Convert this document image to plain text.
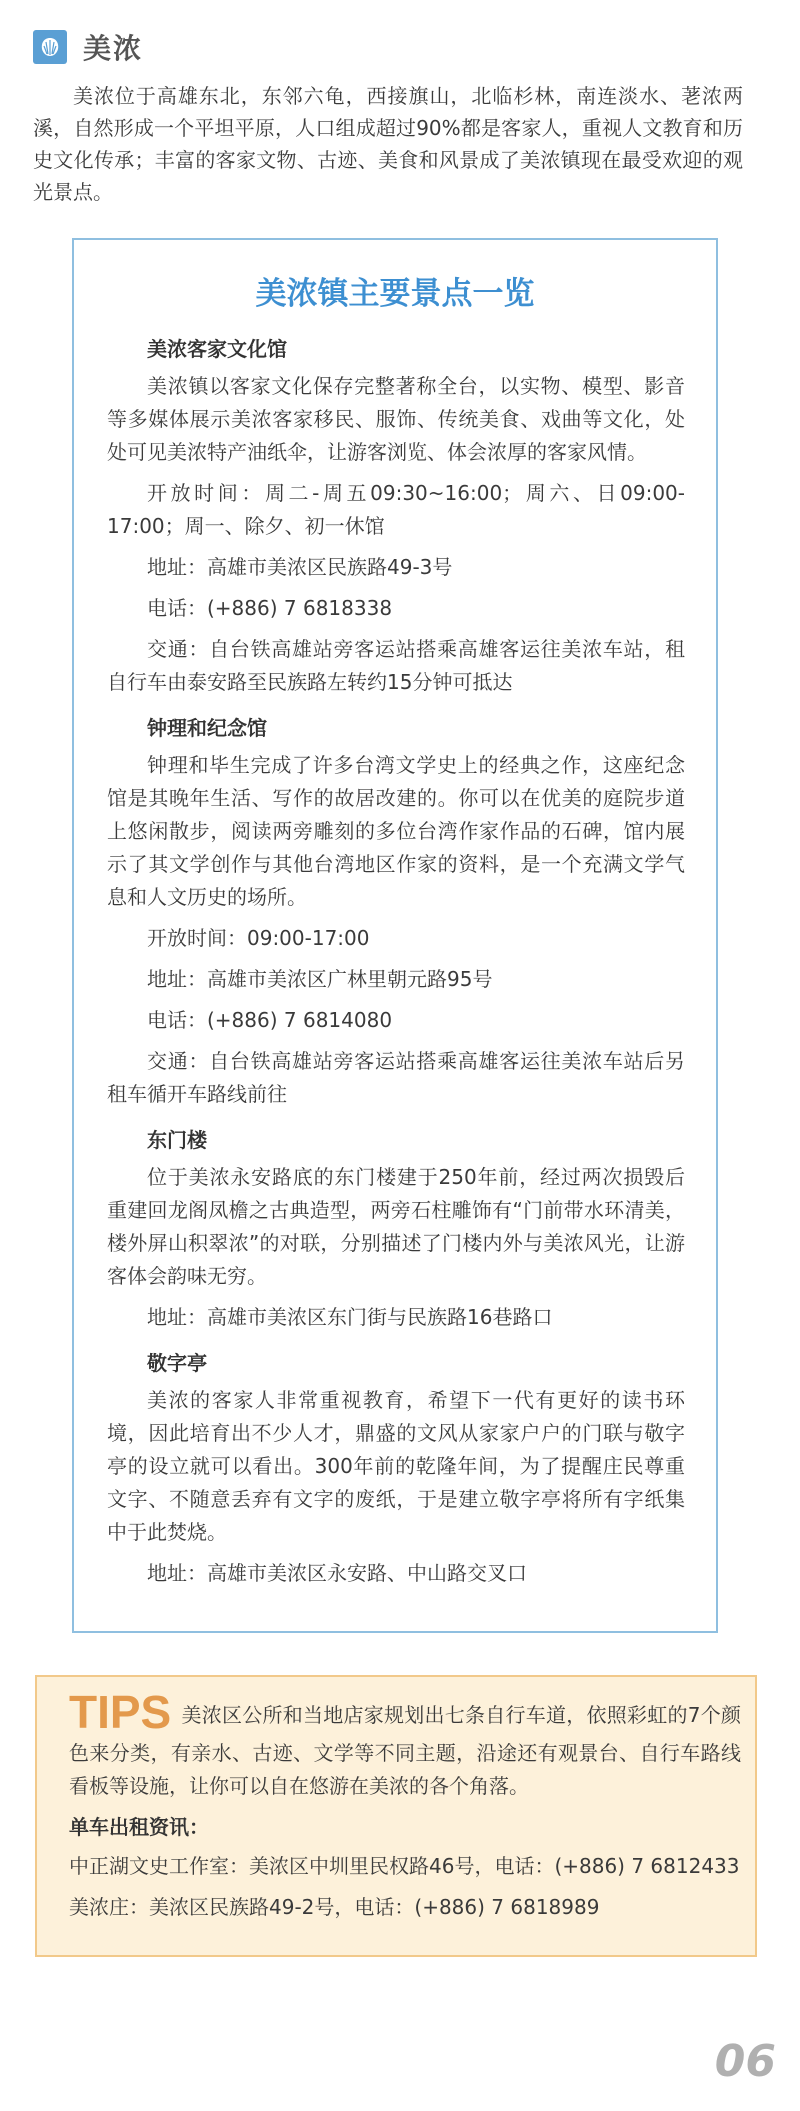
美浓

美浓位于高雄东北，东邻六龟，西接旗山，北临杉林，南连淡水、荖浓两溪，自然形成一个平坦平原，人口组成超过90%都是客家人，重视人文教育和历史文化传承；丰富的客家文物、古迹、美食和风景成了美浓镇现在最受欢迎的观光景点。

美浓镇主要景点一览
美浓客家文化馆

美浓镇以客家文化保存完整著称全台，以实物、模型、影音等多媒体展示美浓客家移民、服饰、传统美食、戏曲等文化，处处可见美浓特产油纸伞，让游客浏览、体会浓厚的客家风情。

开放时间：周二-周五09:30~16:00；周六、日09:00-17:00；周一、除夕、初一休馆

地址：高雄市美浓区民族路49-3号

电话：(+886) 7 6818338

交通：自台铁高雄站旁客运站搭乘高雄客运往美浓车站，租自行车由泰安路至民族路左转约15分钟可抵达

钟理和纪念馆

钟理和毕生完成了许多台湾文学史上的经典之作，这座纪念馆是其晚年生活、写作的故居改建的。你可以在优美的庭院步道上悠闲散步，阅读两旁雕刻的多位台湾作家作品的石碑，馆内展示了其文学创作与其他台湾地区作家的资料，是一个充满文学气息和人文历史的场所。

开放时间：09:00-17:00

地址：高雄市美浓区广林里朝元路95号

电话：(+886) 7 6814080

交通：自台铁高雄站旁客运站搭乘高雄客运往美浓车站后另租车循开车路线前往

东门楼

位于美浓永安路底的东门楼建于250年前，经过两次损毁后重建回龙阁凤檐之古典造型，两旁石柱雕饰有“门前带水环清美，楼外屏山积翠浓”的对联，分别描述了门楼内外与美浓风光，让游客体会韵味无穷。

地址：高雄市美浓区东门街与民族路16巷路口

敬字亭

美浓的客家人非常重视教育，希望下一代有更好的读书环境，因此培育出不少人才，鼎盛的文风从家家户户的门联与敬字亭的设立就可以看出。300年前的乾隆年间，为了提醒庄民尊重文字、不随意丢弃有文字的废纸，于是建立敬字亭将所有字纸集中于此焚烧。

地址：高雄市美浓区永安路、中山路交叉口

TIPS 美浓区公所和当地店家规划出七条自行车道，依照彩虹的7个颜色来分类，有亲水、古迹、文学等不同主题，沿途还有观景台、自行车路线看板等设施，让你可以自在悠游在美浓的各个角落。

单车出租资讯：

中正湖文史工作室：美浓区中圳里民权路46号，电话：(+886) 7 6812433

美浓庄：美浓区民族路49-2号，电话：(+886) 7 6818989

06
